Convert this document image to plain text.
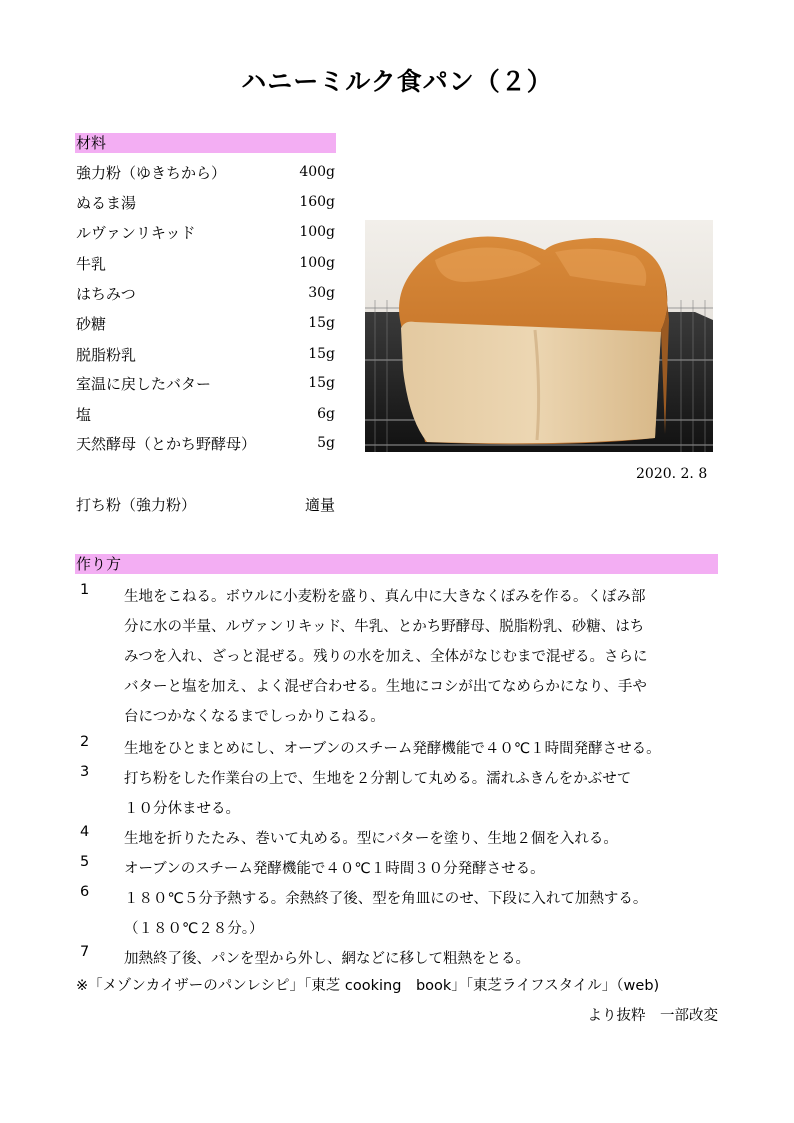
ハニーミルク食パン（２）
材料
強力粉（ゆきちから）	400g
ぬるま湯	160g
ルヴァンリキッド	100g
牛乳	100g
はちみつ	30g
砂糖	15g
脱脂粉乳	15g
室温に戻したバター	15g
塩	6g
天然酵母（とかち野酵母）	5g
打ち粉（強力粉）	適量
2020. 2. 8
作り方
1 生地をこねる。ボウルに小麦粉を盛り、真ん中に大きなくぼみを作る。くぼみ部
分に水の半量、ルヴァンリキッド、牛乳、とかち野酵母、脱脂粉乳、砂糖、はち
みつを入れ、ざっと混ぜる。残りの水を加え、全体がなじむまで混ぜる。さらに
バターと塩を加え、よく混ぜ合わせる。生地にコシが出てなめらかになり、手や
台につかなくなるまでしっかりこねる。
2 生地をひとまとめにし、オーブンのスチーム発酵機能で４０℃１時間発酵させる。
3 打ち粉をした作業台の上で、生地を２分割して丸める。濡れふきんをかぶせて
１０分休ませる。
4 生地を折りたたみ、巻いて丸める。型にバターを塗り、生地２個を入れる。
5 オーブンのスチーム発酵機能で４０℃１時間３０分発酵させる。
6 １８０℃５分予熱する。余熱終了後、型を角皿にのせ、下段に入れて加熱する。
（１８０℃２８分。）
7 加熱終了後、パンを型から外し、網などに移して粗熱をとる。
※「メゾンカイザーのパンレシピ」「東芝 cooking　book」「東芝ライフスタイル」（web)
より抜粋　一部改変
